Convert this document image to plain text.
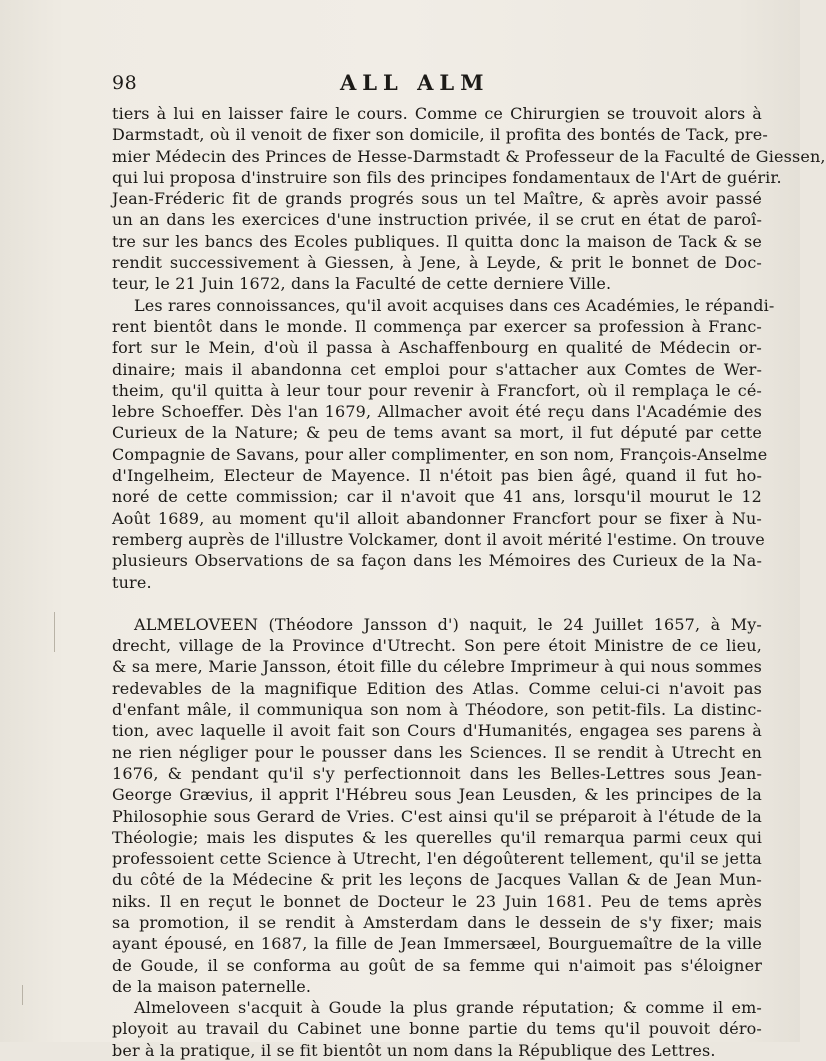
98	ALL ALM
tiers à lui en laisser faire le cours. Comme ce Chirurgien se trouvoit alors à
Darmstadt, où il venoit de fixer son domicile, il profita des bontés de Tack, pre-
mier Médecin des Princes de Hesse-Darmstadt & Professeur de la Faculté de Giessen,
qui lui proposa d'instruire son fils des principes fondamentaux de l'Art de guérir.
Jean-Fréderic fit de grands progrés sous un tel Maître, & après avoir passé
un an dans les exercices d'une instruction privée, il se crut en état de paroî-
tre sur les bancs des Ecoles publiques. Il quitta donc la maison de Tack & se
rendit successivement à Giessen, à Jene, à Leyde, & prit le bonnet de Doc-
teur, le 21 Juin 1672, dans la Faculté de cette derniere Ville.
Les rares connoissances, qu'il avoit acquises dans ces Académies, le répandi-
rent bientôt dans le monde. Il commença par exercer sa profession à Franc-
fort sur le Mein, d'où il passa à Aschaffenbourg en qualité de Médecin or-
dinaire; mais il abandonna cet emploi pour s'attacher aux Comtes de Wer-
theim, qu'il quitta à leur tour pour revenir à Francfort, où il remplaça le cé-
lebre Schoeffer. Dès l'an 1679, Allmacher avoit été reçu dans l'Académie des
Curieux de la Nature; & peu de tems avant sa mort, il fut député par cette
Compagnie de Savans, pour aller complimenter, en son nom, François-Anselme
d'Ingelheim, Electeur de Mayence. Il n'étoit pas bien âgé, quand il fut ho-
noré de cette commission; car il n'avoit que 41 ans, lorsqu'il mourut le 12
Août 1689, au moment qu'il alloit abandonner Francfort pour se fixer à Nu-
remberg auprès de l'illustre Volckamer, dont il avoit mérité l'estime. On trouve
plusieurs Observations de sa façon dans les Mémoires des Curieux de la Na-
ture.
ALMELOVEEN (Théodore Jansson d') naquit, le 24 Juillet 1657, à My-
drecht, village de la Province d'Utrecht. Son pere étoit Ministre de ce lieu,
& sa mere, Marie Jansson, étoit fille du célebre Imprimeur à qui nous sommes
redevables de la magnifique Edition des Atlas. Comme celui-ci n'avoit pas
d'enfant mâle, il communiqua son nom à Théodore, son petit-fils. La distinc-
tion, avec laquelle il avoit fait son Cours d'Humanités, engagea ses parens à
ne rien négliger pour le pousser dans les Sciences. Il se rendit à Utrecht en
1676, & pendant qu'il s'y perfectionnoit dans les Belles-Lettres sous Jean-
George Grævius, il apprit l'Hébreu sous Jean Leusden, & les principes de la
Philosophie sous Gerard de Vries. C'est ainsi qu'il se préparoit à l'étude de la
Théologie; mais les disputes & les querelles qu'il remarqua parmi ceux qui
professoient cette Science à Utrecht, l'en dégoûterent tellement, qu'il se jetta
du côté de la Médecine & prit les leçons de Jacques Vallan & de Jean Mun-
niks. Il en reçut le bonnet de Docteur le 23 Juin 1681. Peu de tems après
sa promotion, il se rendit à Amsterdam dans le dessein de s'y fixer; mais
ayant épousé, en 1687, la fille de Jean Immersæel, Bourguemaître de la ville
de Goude, il se conforma au goût de sa femme qui n'aimoit pas s'éloigner
de la maison paternelle.
Almeloveen s'acquit à Goude la plus grande réputation; & comme il em-
ployoit au travail du Cabinet une bonne partie du tems qu'il pouvoit déro-
ber à la pratique, il se fit bientôt un nom dans la République des Lettres.
